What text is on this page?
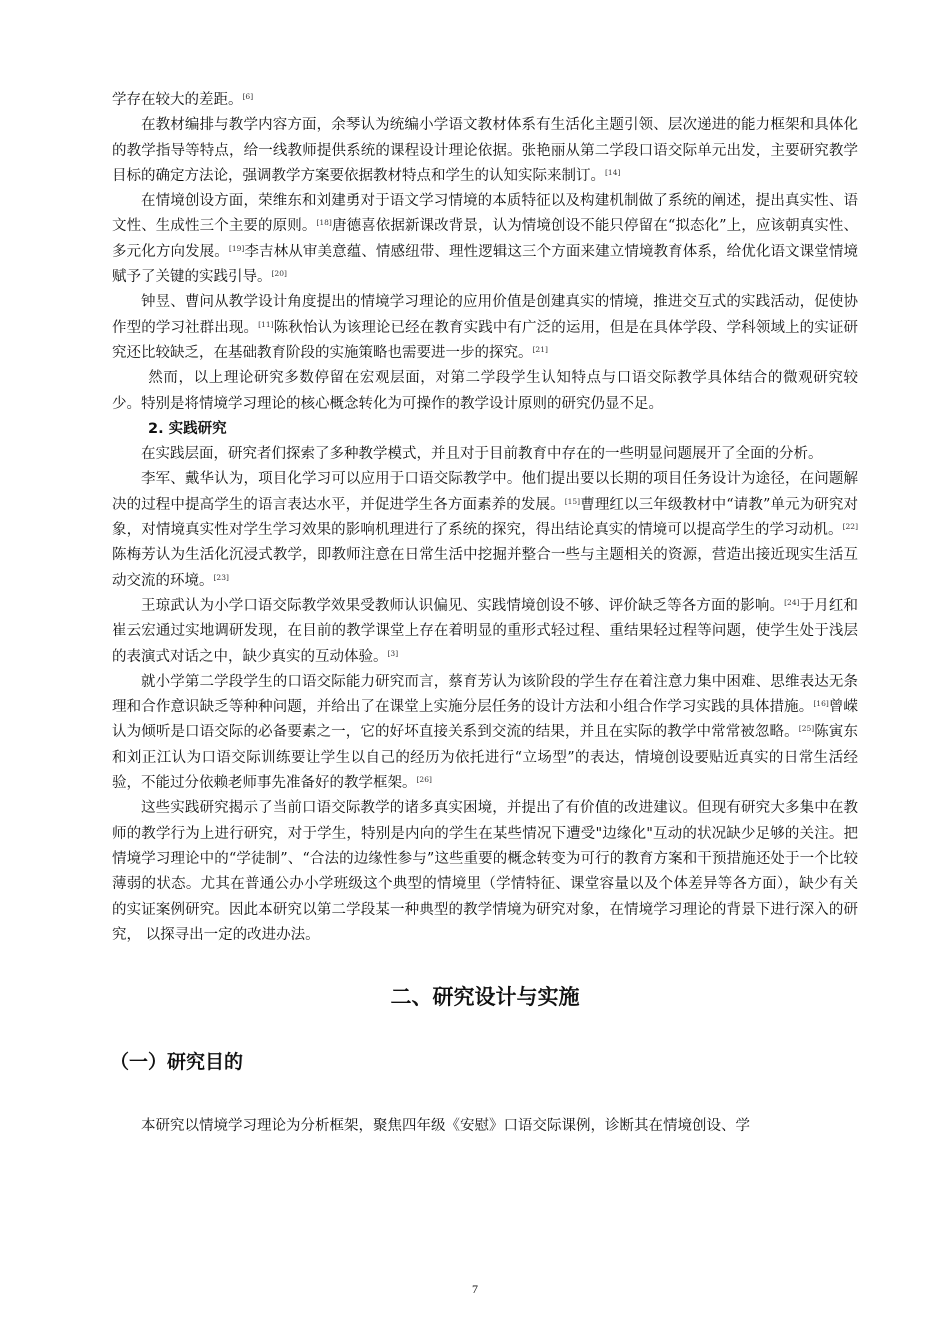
学存在较大的差距。[6]

在教材编排与教学内容方面，余琴认为统编小学语文教材体系有生活化主题引领、层次递进的能力框架和具体化的教学指导等特点，给一线教师提供系统的课程设计理论依据。张艳丽从第二学段口语交际单元出发，主要研究教学目标的确定方法论，强调教学方案要依据教材特点和学生的认知实际来制订。[14]

在情境创设方面，荣维东和刘建勇对于语文学习情境的本质特征以及构建机制做了系统的阐述，提出真实性、语文性、生成性三个主要的原则。[18]唐德喜依据新课改背景，认为情境创设不能只停留在“拟态化”上，应该朝真实性、多元化方向发展。[19]李吉林从审美意蕴、情感纽带、理性逻辑这三个方面来建立情境教育体系，给优化语文课堂情境赋予了关键的实践引导。[20]

钟昱、曹问从教学设计角度提出的情境学习理论的应用价值是创建真实的情境，推进交互式的实践活动，促使协作型的学习社群出现。[11]陈秋怡认为该理论已经在教育实践中有广泛的运用，但是在具体学段、学科领域上的实证研究还比较缺乏，在基础教育阶段的实施策略也需要进一步的探究。[21]

然而，以上理论研究多数停留在宏观层面，对第二学段学生认知特点与口语交际教学具体结合的微观研究较少。特别是将情境学习理论的核心概念转化为可操作的教学设计原则的研究仍显不足。

2. 实践研究

在实践层面，研究者们探索了多种教学模式，并且对于目前教育中存在的一些明显问题展开了全面的分析。

李军、戴华认为，项目化学习可以应用于口语交际教学中。他们提出要以长期的项目任务设计为途径，在问题解决的过程中提高学生的语言表达水平，并促进学生各方面素养的发展。[15]曹理红以三年级教材中“请教”单元为研究对象，对情境真实性对学生学习效果的影响机理进行了系统的探究，得出结论真实的情境可以提高学生的学习动机。[22]陈梅芳认为生活化沉浸式教学，即教师注意在日常生活中挖掘并整合一些与主题相关的资源，营造出接近现实生活互动交流的环境。[23]

王琼武认为小学口语交际教学效果受教师认识偏见、实践情境创设不够、评价缺乏等各方面的影响。[24]于月红和崔云宏通过实地调研发现，在目前的教学课堂上存在着明显的重形式轻过程、重结果轻过程等问题，使学生处于浅层的表演式对话之中，缺少真实的互动体验。[3]

就小学第二学段学生的口语交际能力研究而言，蔡育芳认为该阶段的学生存在着注意力集中困难、思维表达无条理和合作意识缺乏等种种问题，并给出了在课堂上实施分层任务的设计方法和小组合作学习实践的具体措施。[16]曾嵘认为倾听是口语交际的必备要素之一，它的好坏直接关系到交流的结果，并且在实际的教学中常常被忽略。[25]陈寅东和刘正江认为口语交际训练要让学生以自己的经历为依托进行“立场型”的表达，情境创设要贴近真实的日常生活经验，不能过分依赖老师事先准备好的教学框架。[26]

这些实践研究揭示了当前口语交际教学的诸多真实困境，并提出了有价值的改进建议。但现有研究大多集中在教师的教学行为上进行研究，对于学生，特别是内向的学生在某些情况下遭受"边缘化"互动的状况缺少足够的关注。把情境学习理论中的“学徒制”、“合法的边缘性参与”这些重要的概念转变为可行的教育方案和干预措施还处于一个比较薄弱的状态。尤其在普通公办小学班级这个典型的情境里（学情特征、课堂容量以及个体差异等各方面），缺少有关的实证案例研究。因此本研究以第二学段某一种典型的教学情境为研究对象，在情境学习理论的背景下进行深入的研究， 以探寻出一定的改进办法。

二、研究设计与实施
（一）研究目的

本研究以情境学习理论为分析框架，聚焦四年级《安慰》口语交际课例，诊断其在情境创设、学

7
